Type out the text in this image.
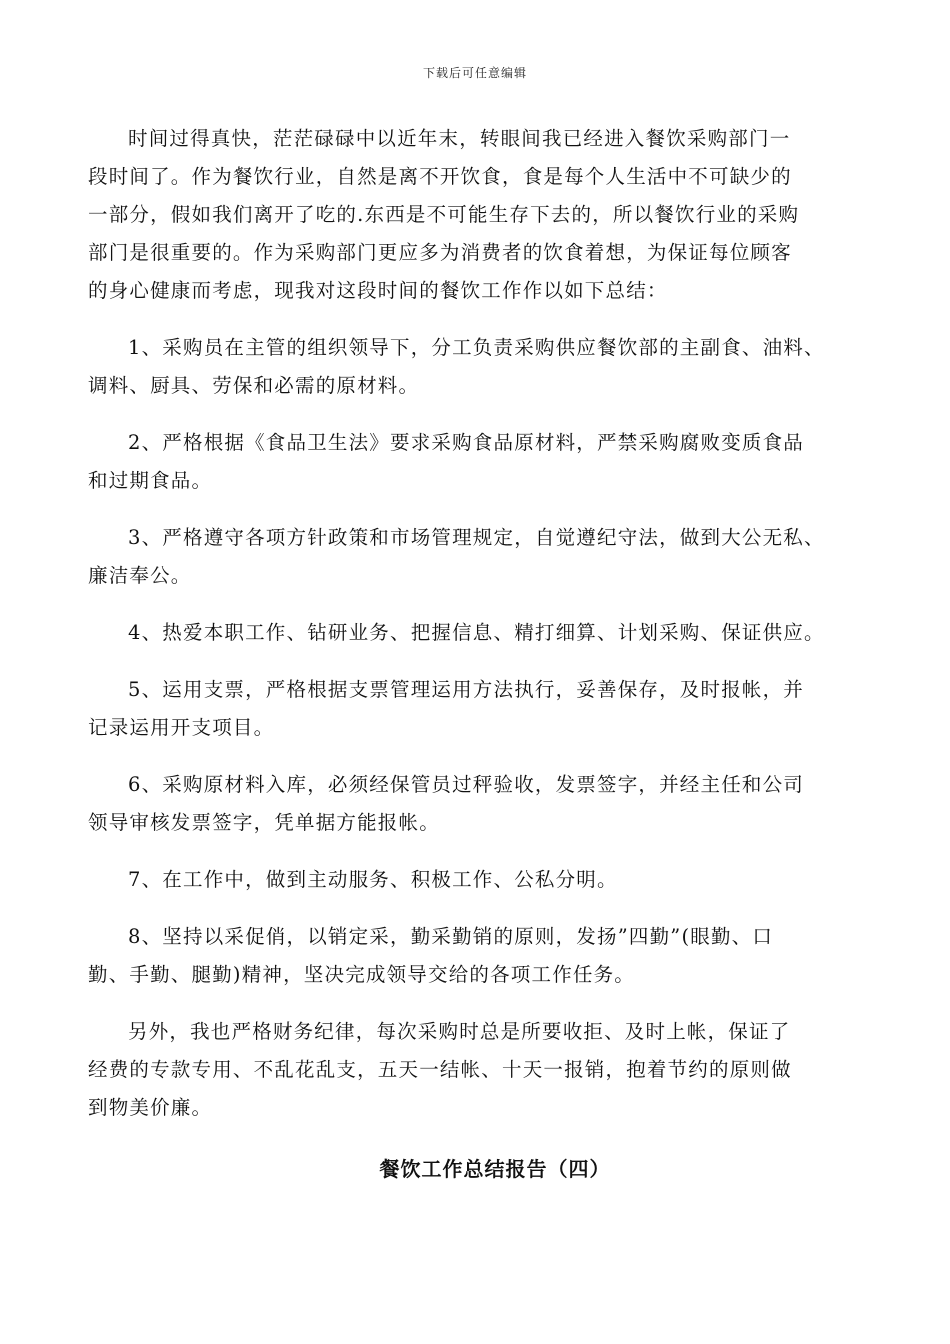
下载后可任意编辑

时间过得真快，茫茫碌碌中以近年末，转眼间我已经进入餐饮采购部门一
段时间了。作为餐饮行业，自然是离不开饮食，食是每个人生活中不可缺少的
一部分，假如我们离开了吃的.东西是不可能生存下去的，所以餐饮行业的采购
部门是很重要的。作为采购部门更应多为消费者的饮食着想，为保证每位顾客
的身心健康而考虑，现我对这段时间的餐饮工作作以如下总结：

1、采购员在主管的组织领导下，分工负责采购供应餐饮部的主副食、油料、
调料、厨具、劳保和必需的原材料。

2、严格根据《食品卫生法》要求采购食品原材料，严禁采购腐败变质食品
和过期食品。

3、严格遵守各项方针政策和市场管理规定，自觉遵纪守法，做到大公无私、
廉洁奉公。

4、热爱本职工作、钻研业务、把握信息、精打细算、计划采购、保证供应。

5、运用支票，严格根据支票管理运用方法执行，妥善保存，及时报帐，并
记录运用开支项目。

6、采购原材料入库，必须经保管员过秤验收，发票签字，并经主任和公司
领导审核发票签字，凭单据方能报帐。

7、在工作中，做到主动服务、积极工作、公私分明。

8、坚持以采促俏，以销定采，勤采勤销的原则，发扬”四勤”(眼勤、口
勤、手勤、腿勤)精神，坚决完成领导交给的各项工作任务。

另外，我也严格财务纪律，每次采购时总是所要收拒、及时上帐，保证了
经费的专款专用、不乱花乱支，五天一结帐、十天一报销，抱着节约的原则做
到物美价廉。

餐饮工作总结报告（四）
